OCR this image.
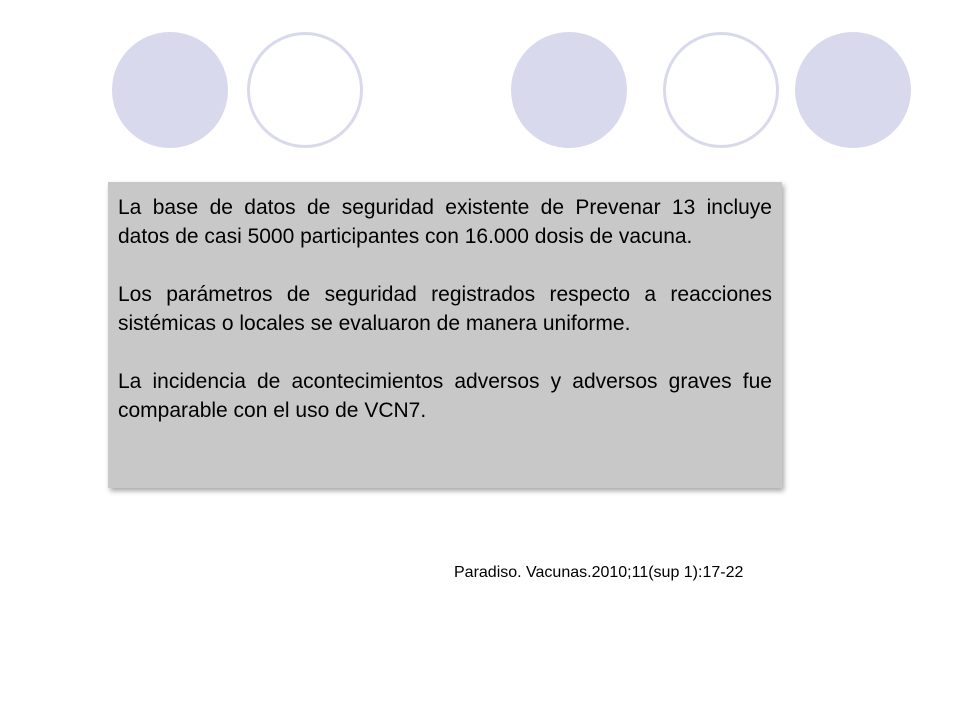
La base de datos de seguridad existente de Prevenar 13 incluye datos de casi 5000 participantes con 16.000 dosis de vacuna.

Los parámetros de seguridad registrados respecto a reacciones sistémicas o locales se evaluaron de manera uniforme.

La incidencia de acontecimientos adversos y adversos graves fue comparable con el uso de VCN7.

Paradiso. Vacunas.2010;11(sup 1):17-22
